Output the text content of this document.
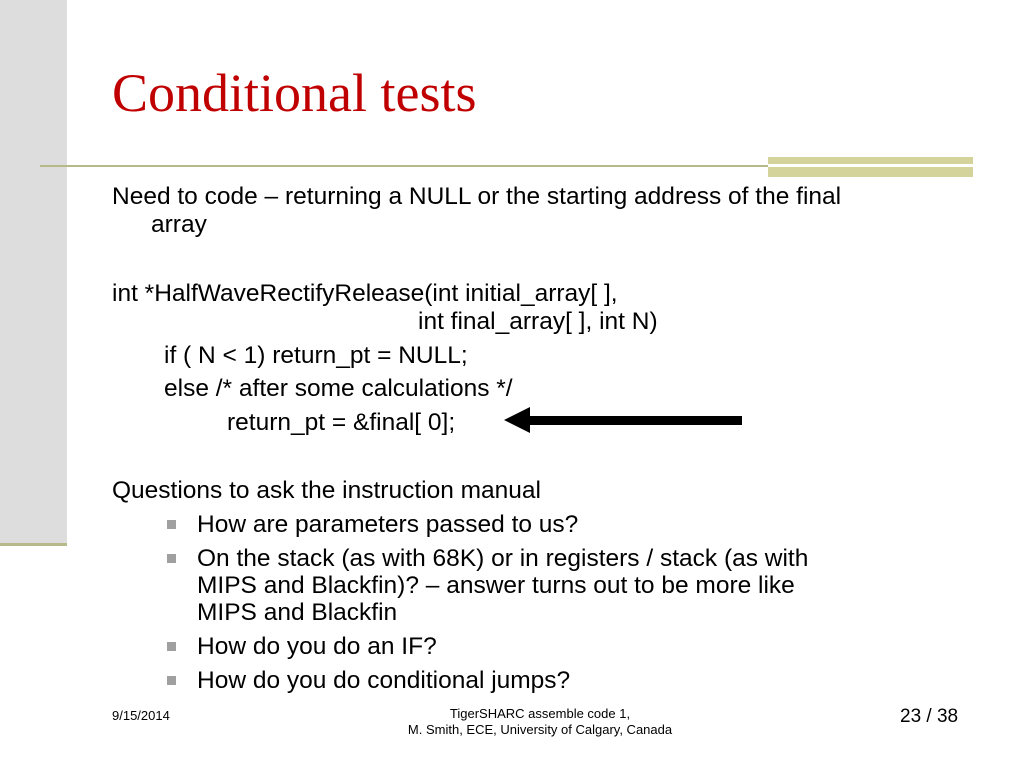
Conditional tests
Need to code – returning a NULL or the starting address of the final
array
int *HalfWaveRectifyRelease(int initial_array[ ],
int final_array[ ], int N)
if ( N < 1) return_pt = NULL;
else /* after some calculations */
return_pt = &final[ 0];
Questions to ask the instruction manual
How are parameters passed to us?
On the stack (as with 68K) or in registers / stack (as with
MIPS and Blackfin)? – answer turns out to be more like
MIPS and Blackfin
How do you do an IF?
How do you do conditional jumps?
9/15/2014	TigerSHARC assemble code 1,
M. Smith, ECE, University of Calgary, Canada
23 / 38
